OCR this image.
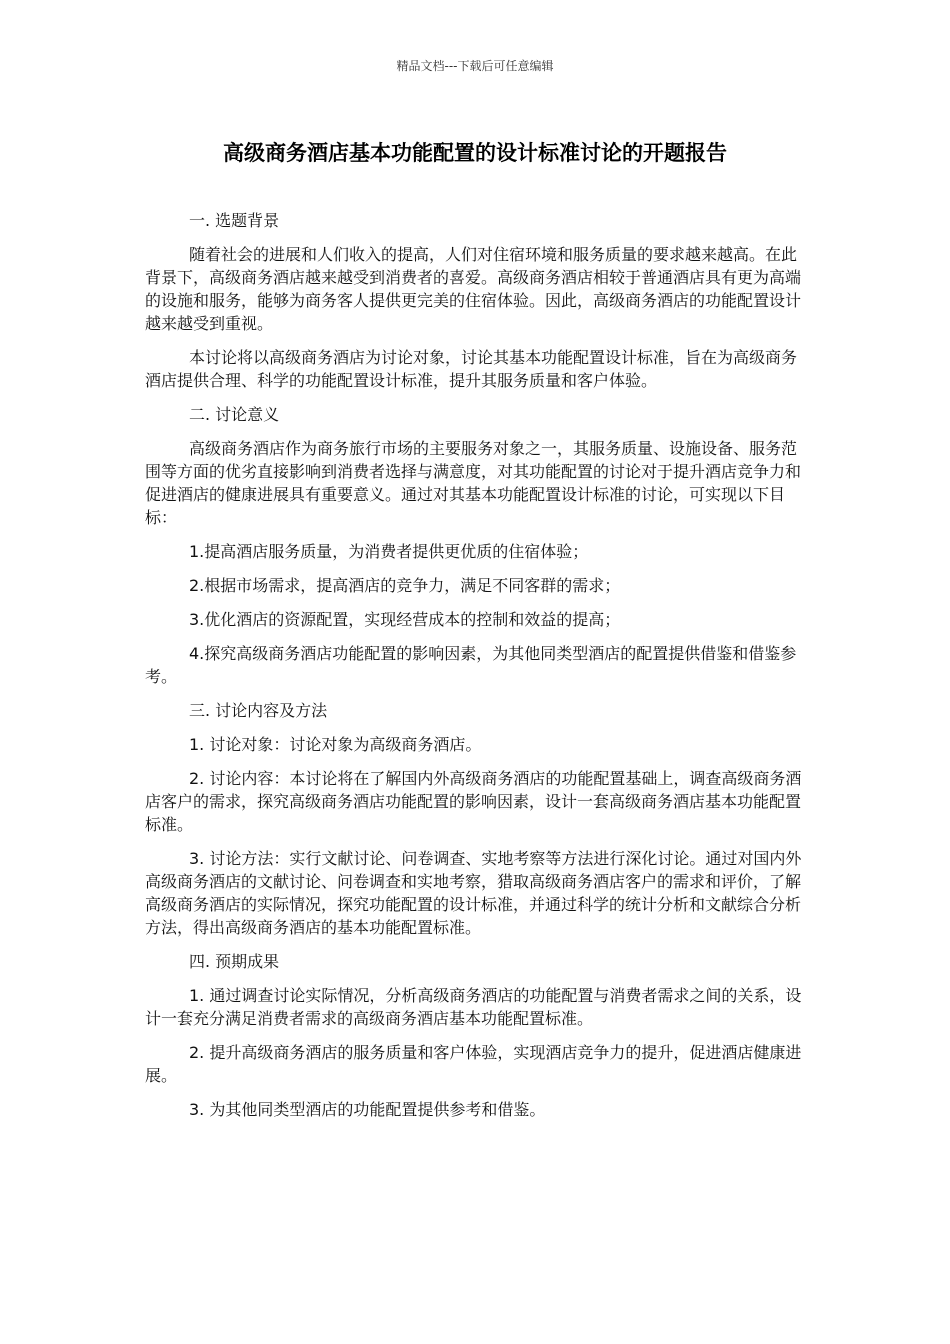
精品文档---下载后可任意编辑
高级商务酒店基本功能配置的设计标准讨论的开题报告

一. 选题背景

随着社会的进展和人们收入的提高，人们对住宿环境和服务质量的要求越来越高。在此背景下，高级商务酒店越来越受到消费者的喜爱。高级商务酒店相较于普通酒店具有更为高端的设施和服务，能够为商务客人提供更完美的住宿体验。因此，高级商务酒店的功能配置设计越来越受到重视。

本讨论将以高级商务酒店为讨论对象，讨论其基本功能配置设计标准，旨在为高级商务酒店提供合理、科学的功能配置设计标准，提升其服务质量和客户体验。

二. 讨论意义

高级商务酒店作为商务旅行市场的主要服务对象之一，其服务质量、设施设备、服务范围等方面的优劣直接影响到消费者选择与满意度，对其功能配置的讨论对于提升酒店竞争力和促进酒店的健康进展具有重要意义。通过对其基本功能配置设计标准的讨论，可实现以下目标：

1.提高酒店服务质量，为消费者提供更优质的住宿体验；

2.根据市场需求，提高酒店的竞争力，满足不同客群的需求；

3.优化酒店的资源配置，实现经营成本的控制和效益的提高；

4.探究高级商务酒店功能配置的影响因素，为其他同类型酒店的配置提供借鉴和借鉴参考。

三. 讨论内容及方法

1. 讨论对象：讨论对象为高级商务酒店。

2. 讨论内容：本讨论将在了解国内外高级商务酒店的功能配置基础上，调查高级商务酒店客户的需求，探究高级商务酒店功能配置的影响因素，设计一套高级商务酒店基本功能配置标准。

3. 讨论方法：实行文献讨论、问卷调查、实地考察等方法进行深化讨论。通过对国内外高级商务酒店的文献讨论、问卷调查和实地考察，猎取高级商务酒店客户的需求和评价，了解高级商务酒店的实际情况，探究功能配置的设计标准，并通过科学的统计分析和文献综合分析方法，得出高级商务酒店的基本功能配置标准。

四. 预期成果

1. 通过调查讨论实际情况，分析高级商务酒店的功能配置与消费者需求之间的关系，设计一套充分满足消费者需求的高级商务酒店基本功能配置标准。

2. 提升高级商务酒店的服务质量和客户体验，实现酒店竞争力的提升，促进酒店健康进展。

3. 为其他同类型酒店的功能配置提供参考和借鉴。
